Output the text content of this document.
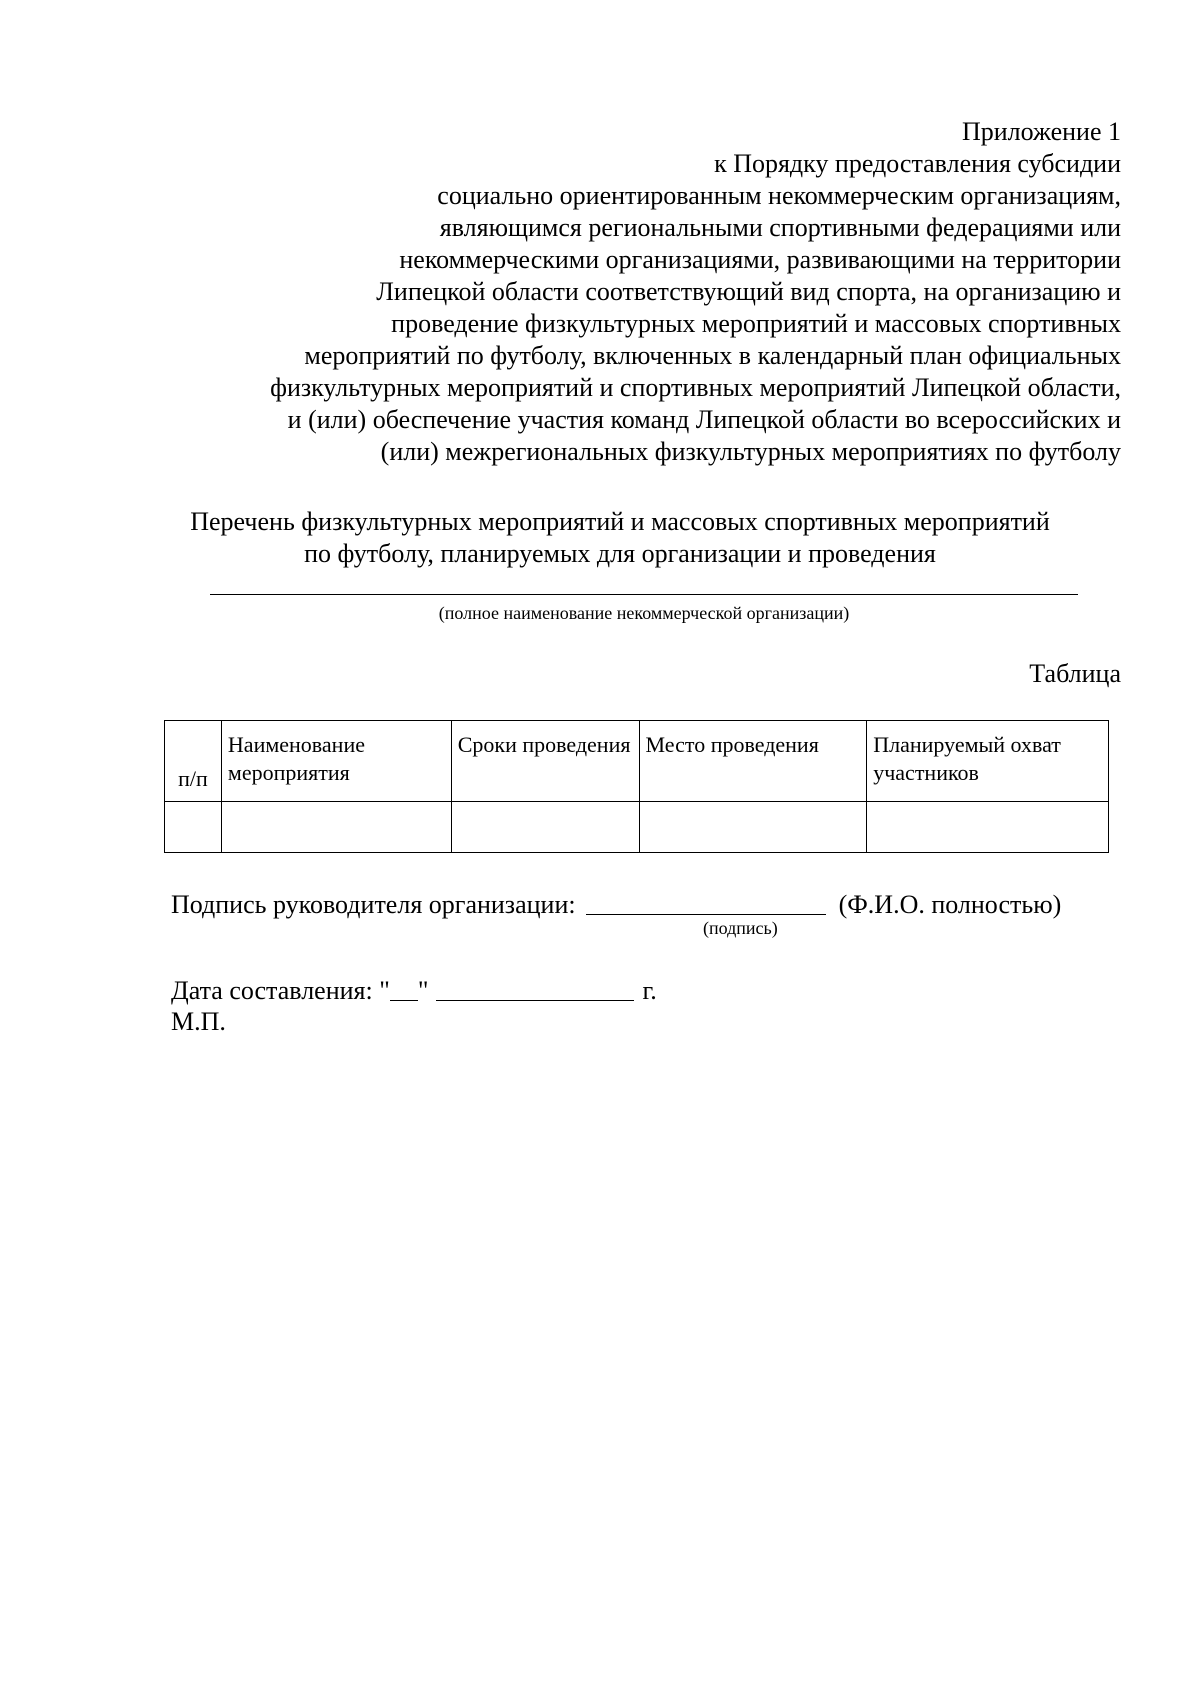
Приложение 1
к Порядку предоставления субсидии
социально ориентированным некоммерческим организациям,
являющимся региональными спортивными федерациями или
некоммерческими организациями, развивающими на территории
Липецкой области соответствующий вид спорта, на организацию и
проведение физкультурных мероприятий и массовых спортивных
мероприятий по футболу, включенных в календарный план официальных
физкультурных мероприятий и спортивных мероприятий Липецкой области,
и (или) обеспечение участия команд Липецкой области во всероссийских и
(или) межрегиональных физкультурных мероприятиях по футболу
Перечень физкультурных мероприятий и массовых спортивных мероприятий
по футболу, планируемых для организации и проведения
(полное наименование некоммерческой организации)
Таблица
п/п	Наименование мероприятия	Сроки проведения	Место проведения	Планируемый охват участников

Подпись руководителя организации:	(Ф.И.О. полностью)
(подпись)
Дата составления: " "	г.
М.П.
